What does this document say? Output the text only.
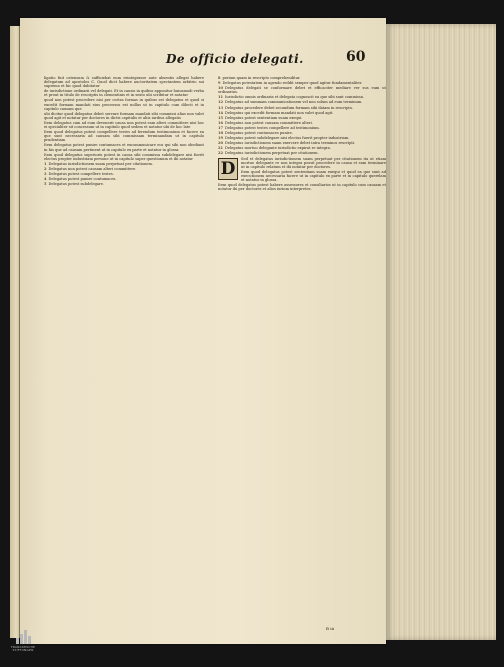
De officio delegati.	60

ligatio fuit ostensum & sufficiebat eum reintegrasse aute absentis allegat habere delegatum ad apostolos C. Quod dicit habere auctoritatem spectantem arbitrio sui supremo et hic quod dubitatur

de iurisdictione ordinarii vel delegati. Et in causis in quibus apponitur huiusmodi verba et prout in titulo de rescriptis in clementinis et in sexto ubi scribitur et notatur

quod non potest procedere nisi per certas formas in quibus est delegatus et quod si excedit formam mandati eius processus est nullus ut in capitulo cum dilecti et in capitulo causam que

ubi dicitur quod delegatus debet servare formam mandati sibi commissi alias non valet quod agit et notatur per doctores in dictis capitulis et aliis iuribus allegatis

Item delegatus cum ad eum devenerit causa non potest eam alteri committere nisi hoc ei specialiter sit concessum ut in capitulo quod sedem et notatur ubi de hoc late

Item quod delegatus potest compellere testes ad ferendum testimonium et facere ea que sunt necessaria ad causam sibi commissam terminandam ut in capitulo prudentiam

Item delegatus potest punire contumaces et excommunicare eos qui sibi non obediunt in his que ad causam pertinent ut in capitulo ex parte et notatur in glossa

Item quod delegatus superioris potest in causa sibi commissa subdelegare nisi fuerit electus propter industriam persone ut in capitulo super questionum et ibi notatur

1 Delegatus iurisdictionem suam perpetuat per citationem.

2 Delegatus non potest causam alteri committere.

3 Delegatus potest compellere testes.

4 Delegatus potest punire contumaces.

5 Delegatus potest subdelegare.

8 perium quam in rescripto comprehenditur.

9 Delegatus potestatem in agendo reddit semper quod agitur fundamentaliter.

10 Delegatus delegati se conformare debet et efficaciter mediare ver sus eum ut ordinarius.

11 Iurisdictio omnis ordinaria et delegata cognoscit ea que sibi sunt commissa.

12 Delegatus ad summam communicationem vel non solum ad eum terminum.

13 Delegatus procedere debet secundum formam sibi datam in rescripto.

14 Delegatus qui excedit formam mandati non valet quod agit.

15 Delegatus potest sententiam suam exequi.

16 Delegatus non potest causam committere alteri.

17 Delegatus potest testes compellere ad testimonium.

18 Delegatus potest contumaces punire.

19 Delegatus potest subdelegare nisi electus fuerit propter industriam.

20 Delegatus iurisdictionem suam exercere debet intra terminos rescripti.

21 Delegatus mortuo delegante iurisdictio expirat re integra.

22 Delegatus iurisdictionem perpetuat per citationem.

D	Sed et delegatus iurisdictionem suam perpetuat per citationem ita ut etiam mortuo delegante re non integra possit procedere in causa et eam terminare ut in capitulo relatum et ibi notatur per doctores.

Item quod delegatus potest sententiam suam exequi et quod ea que sunt ad executionem necessaria facere ut in capitulo ex parte et in capitulo querelam et notatur in glossa.

Item quod delegatus potest habere assessores et consiliarios ut in capitulo cum causam et notatur ibi per doctores et alios iurium interpretes.

B iii
FRANCKESCHE
STIFTUNGEN
